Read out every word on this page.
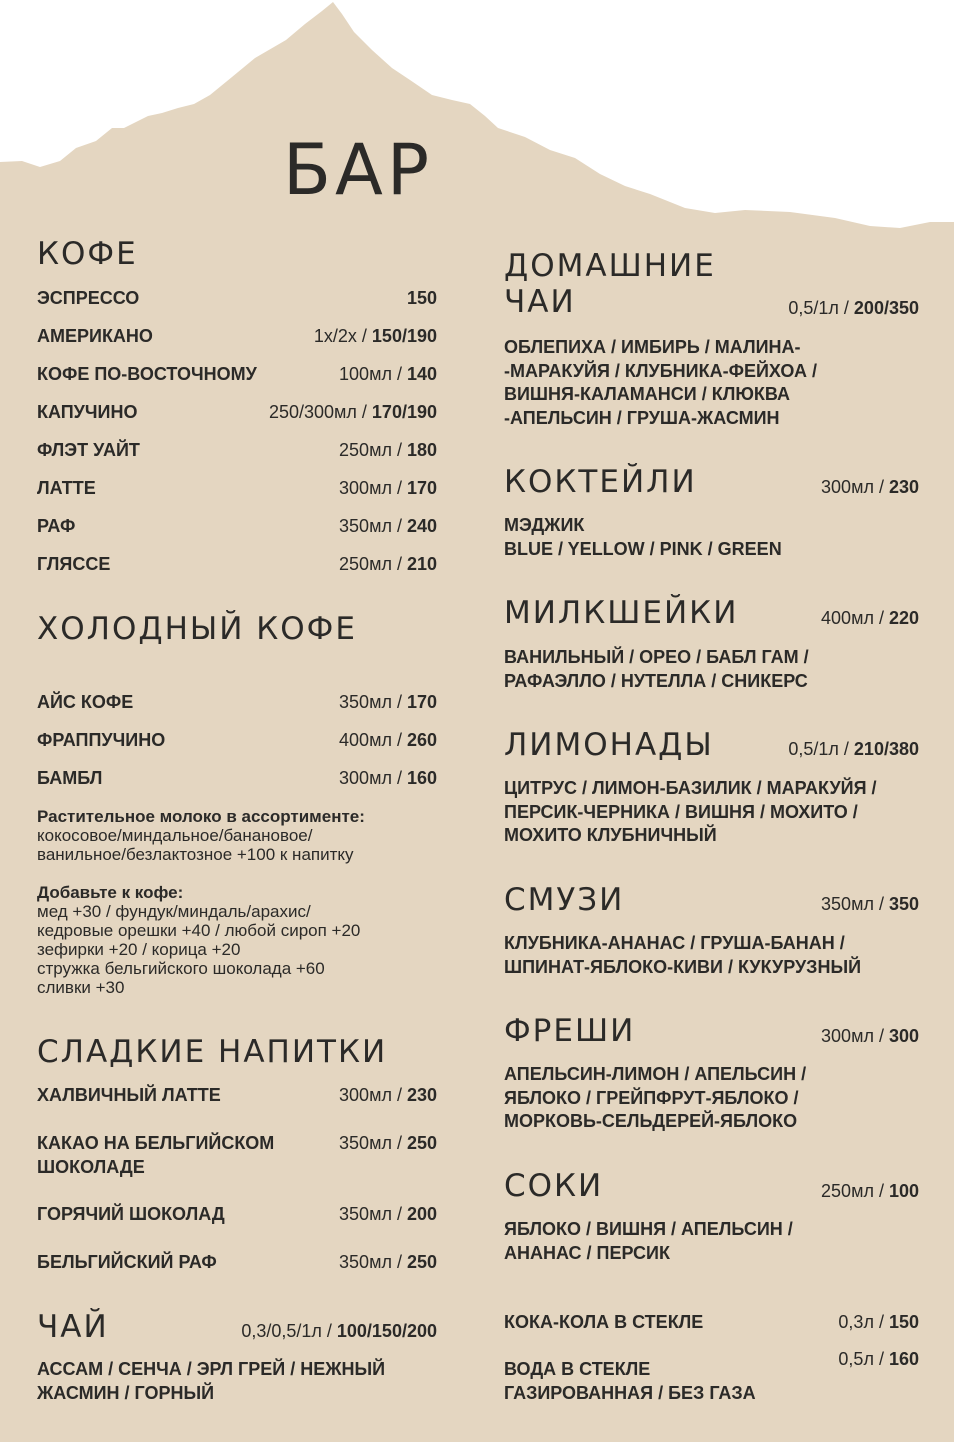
БАР
КОФЕ
ЭСПРЕССО	150
АМЕРИКАНО	1х/2х / 150/190
КОФЕ ПО-ВОСТОЧНОМУ	100мл / 140
КАПУЧИНО	250/300мл / 170/190
ФЛЭТ УАЙТ	250мл / 180
ЛАТТЕ	300мл / 170
РАФ	350мл / 240
ГЛЯССЕ	250мл / 210
ХОЛОДНЫЙ КОФЕ
АЙС КОФЕ	350мл / 170
ФРАППУЧИНО	400мл / 260
БАМБЛ	300мл / 160
Растительное молоко в ассортименте:
кокосовое/миндальное/банановое/
ванильное/безлактозное +100 к напитку
Добавьте к кофе:
мед +30 / фундук/миндаль/арахис/
кедровые орешки +40 / любой сироп +20
зефирки +20 / корица +20
стружка бельгийского шоколада +60
сливки +30
СЛАДКИЕ НАПИТКИ
ХАЛВИЧНЫЙ ЛАТТЕ	300мл / 230
КАКАО НА БЕЛЬГИЙСКОМ
ШОКОЛАДЕ
350мл / 250
ГОРЯЧИЙ ШОКОЛАД	350мл / 200
БЕЛЬГИЙСКИЙ РАФ	350мл / 250
ЧАЙ	0,3/0,5/1л / 100/150/200
АССАМ / СЕНЧА / ЭРЛ ГРЕЙ / НЕЖНЫЙ
ЖАСМИН / ГОРНЫЙ
ДОМАШНИЕ
ЧАИ	0,5/1л / 200/350
ОБЛЕПИХА / ИМБИРЬ / МАЛИНА-
-МАРАКУЙЯ / КЛУБНИКА-ФЕЙХОА /
ВИШНЯ-КАЛАМАНСИ / КЛЮКВА
-АПЕЛЬСИН / ГРУША-ЖАСМИН
КОКТЕЙЛИ	300мл / 230
МЭДЖИК
BLUE / YELLOW / PINK / GREEN
МИЛКШЕЙКИ	400мл / 220
ВАНИЛЬНЫЙ / ОРЕО / БАБЛ ГАМ /
РАФАЭЛЛО / НУТЕЛЛА / СНИКЕРС
ЛИМОНАДЫ	0,5/1л / 210/380
ЦИТРУС / ЛИМОН-БАЗИЛИК / МАРАКУЙЯ /
ПЕРСИК-ЧЕРНИКА / ВИШНЯ / МОХИТО /
МОХИТО КЛУБНИЧНЫЙ
СМУЗИ	350мл / 350
КЛУБНИКА-АНАНАС / ГРУША-БАНАН /
ШПИНАТ-ЯБЛОКО-КИВИ / КУКУРУЗНЫЙ
ФРЕШИ	300мл / 300
АПЕЛЬСИН-ЛИМОН / АПЕЛЬСИН /
ЯБЛОКО / ГРЕЙПФРУТ-ЯБЛОКО /
МОРКОВЬ-СЕЛЬДЕРЕЙ-ЯБЛОКО
СОКИ	250мл / 100
ЯБЛОКО / ВИШНЯ / АПЕЛЬСИН /
АНАНАС / ПЕРСИК
КОКА-КОЛА В СТЕКЛЕ	0,3л / 150
ВОДА В СТЕКЛЕ
ГАЗИРОВАННАЯ / БЕЗ ГАЗА
0,5л / 160
